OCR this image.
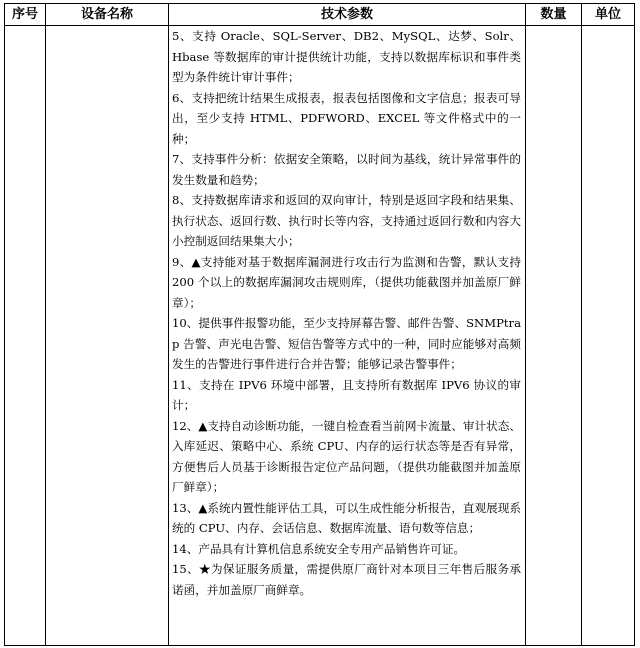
序号	设备名称	技术参数	数量	单位

5、支持 Oracle、SQL-Server、DB2、MySQL、达梦、Solr、Hbase 等数据库的审计提供统计功能，支持以数据库标识和事件类型为条件统计审计事件；

6、支持把统计结果生成报表，报表包括图像和文字信息；报表可导出，至少支持 HTML、PDFWORD、EXCEL 等文件格式中的一种；

7、支持事件分析：依据安全策略，以时间为基线，统计异常事件的发生数量和趋势；

8、支持数据库请求和返回的双向审计，特别是返回字段和结果集、执行状态、返回行数、执行时长等内容，支持通过返回行数和内容大小控制返回结果集大小；

9、▲支持能对基于数据库漏洞进行攻击行为监测和告警，默认支持 200 个以上的数据库漏洞攻击规则库，（提供功能截图并加盖原厂鲜章）；

10、提供事件报警功能，至少支持屏幕告警、邮件告警、SNMPtrap 告警、声光电告警、短信告警等方式中的一种，同时应能够对高频发生的告警进行事件进行合并告警；能够记录告警事件；

11、支持在 IPV6 环境中部署，且支持所有数据库 IPV6 协议的审计；

12、▲支持自动诊断功能，一键自检查看当前网卡流量、审计状态、入库延迟、策略中心、系统 CPU、内存的运行状态等是否有异常，方便售后人员基于诊断报告定位产品问题，（提供功能截图并加盖原厂鲜章）；

13、▲系统内置性能评估工具，可以生成性能分析报告，直观展现系统的 CPU、内存、会话信息、数据库流量、语句数等信息；

14、产品具有计算机信息系统安全专用产品销售许可证。

15、★为保证服务质量，需提供原厂商针对本项目三年售后服务承诺函，并加盖原厂商鲜章。
